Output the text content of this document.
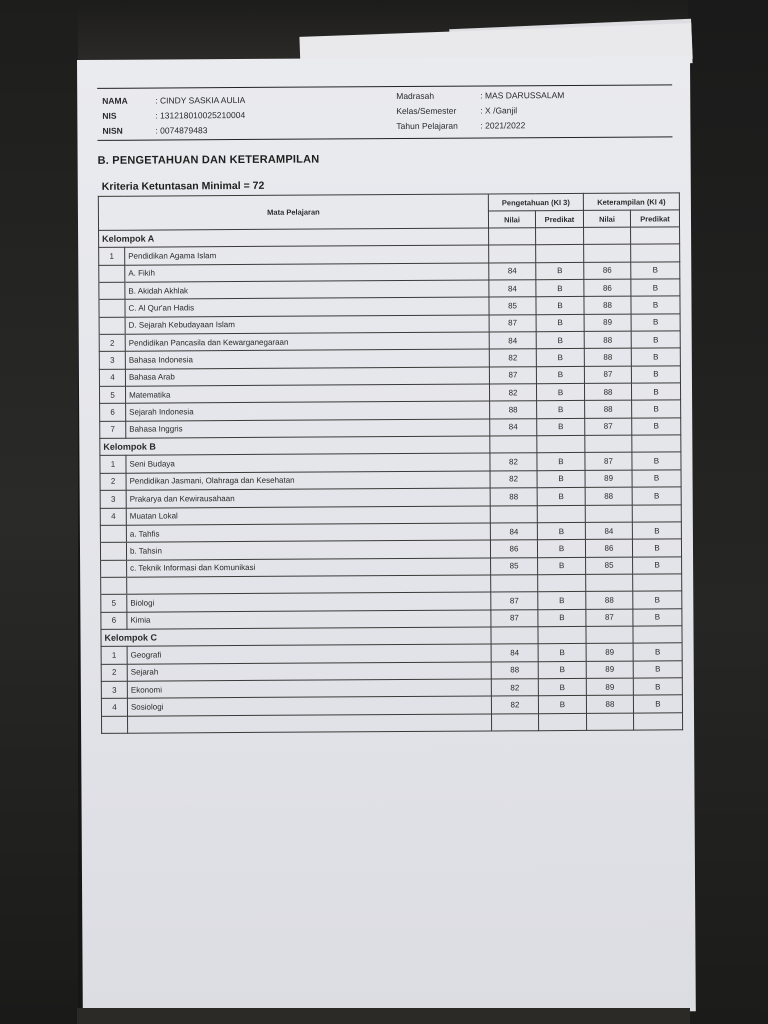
NAMA	: CINDY SASKIA AULIA
NIS	: 131218010025210004
NISN	: 0074879483
Madrasah	: MAS DARUSSALAM
Kelas/Semester	: X /Ganjil
Tahun Pelajaran	: 2021/2022
B. PENGETAHUAN DAN KETERAMPILAN
Kriteria Ketuntasan Minimal = 72
Mata Pelajaran		Pengetahuan (KI 3)		Keterampilan (KI 4)	
		Nilai	Predikat	Nilai	Predikat
Kelompok A					
1	Pendidikan Agama Islam				
	A. Fikih	84	B	86	B
	B. Akidah Akhlak	84	B	86	B
	C. Al Qur'an Hadis	85	B	88	B
	D. Sejarah Kebudayaan Islam	87	B	89	B
2	Pendidikan Pancasila dan Kewarganegaraan	84	B	88	B
3	Bahasa Indonesia	82	B	88	B
4	Bahasa Arab	87	B	87	B
5	Matematika	82	B	88	B
6	Sejarah Indonesia	88	B	88	B
7	Bahasa Inggris	84	B	87	B
Kelompok B					
1	Seni Budaya	82	B	87	B
2	Pendidikan Jasmani, Olahraga dan Kesehatan	82	B	89	B
3	Prakarya dan Kewirausahaan	88	B	88	B
4	Muatan Lokal				
	a. Tahfis	84	B	84	B
	b. Tahsin	86	B	86	B
	c. Teknik Informasi dan Komunikasi	85	B	85	B

5	Biologi	87	B	88	B
6	Kimia	87	B	87	B
Kelompok C					
1	Geografi	84	B	89	B
2	Sejarah	88	B	89	B
3	Ekonomi	82	B	89	B
4	Sosiologi	82	B	88	B
